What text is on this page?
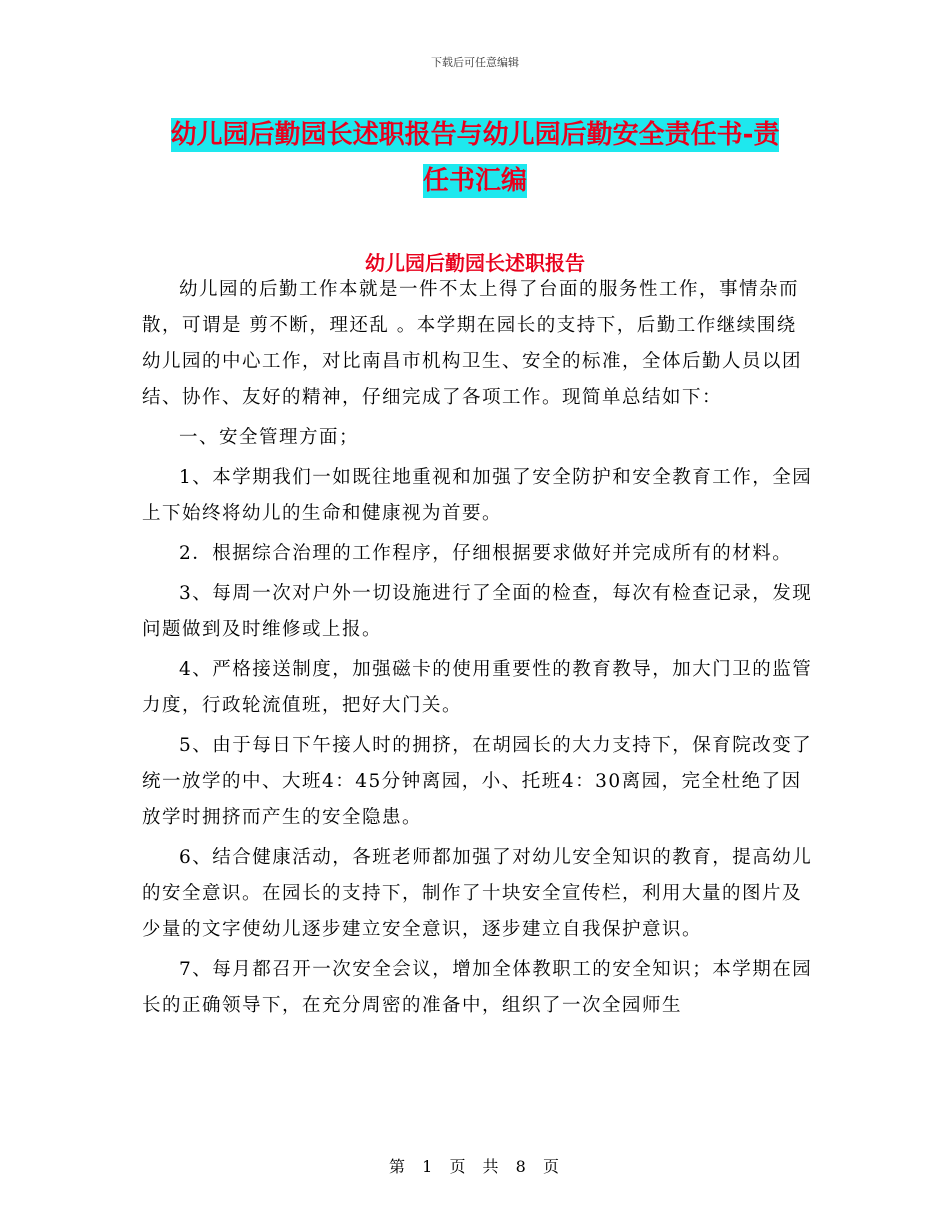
下载后可任意编辑
幼儿园后勤园长述职报告与幼儿园后勤安全责任书-责
任书汇编
幼儿园后勤园长述职报告

幼儿园的后勤工作本就是一件不太上得了台面的服务性工作，事情杂而散，可谓是 剪不断，理还乱 。本学期在园长的支持下，后勤工作继续围绕幼儿园的中心工作，对比南昌市机构卫生、安全的标准，全体后勤人员以团结、协作、友好的精神，仔细完成了各项工作。现简单总结如下：

一、安全管理方面；

1、本学期我们一如既往地重视和加强了安全防护和安全教育工作，全园上下始终将幼儿的生命和健康视为首要。

2．根据综合治理的工作程序，仔细根据要求做好并完成所有的材料。

3、每周一次对户外一切设施进行了全面的检查，每次有检查记录，发现问题做到及时维修或上报。

4、严格接送制度，加强磁卡的使用重要性的教育教导，加大门卫的监管力度，行政轮流值班，把好大门关。

5、由于每日下午接人时的拥挤，在胡园长的大力支持下，保育院改变了统一放学的中、大班4：45分钟离园，小、托班4：30离园，完全杜绝了因放学时拥挤而产生的安全隐患。

6、结合健康活动，各班老师都加强了对幼儿安全知识的教育，提高幼儿的安全意识。在园长的支持下，制作了十块安全宣传栏，利用大量的图片及少量的文字使幼儿逐步建立安全意识，逐步建立自我保护意识。

7、每月都召开一次安全会议，增加全体教职工的安全知识；本学期在园长的正确领导下，在充分周密的准备中，组织了一次全园师生

第 1 页 共 8 页
